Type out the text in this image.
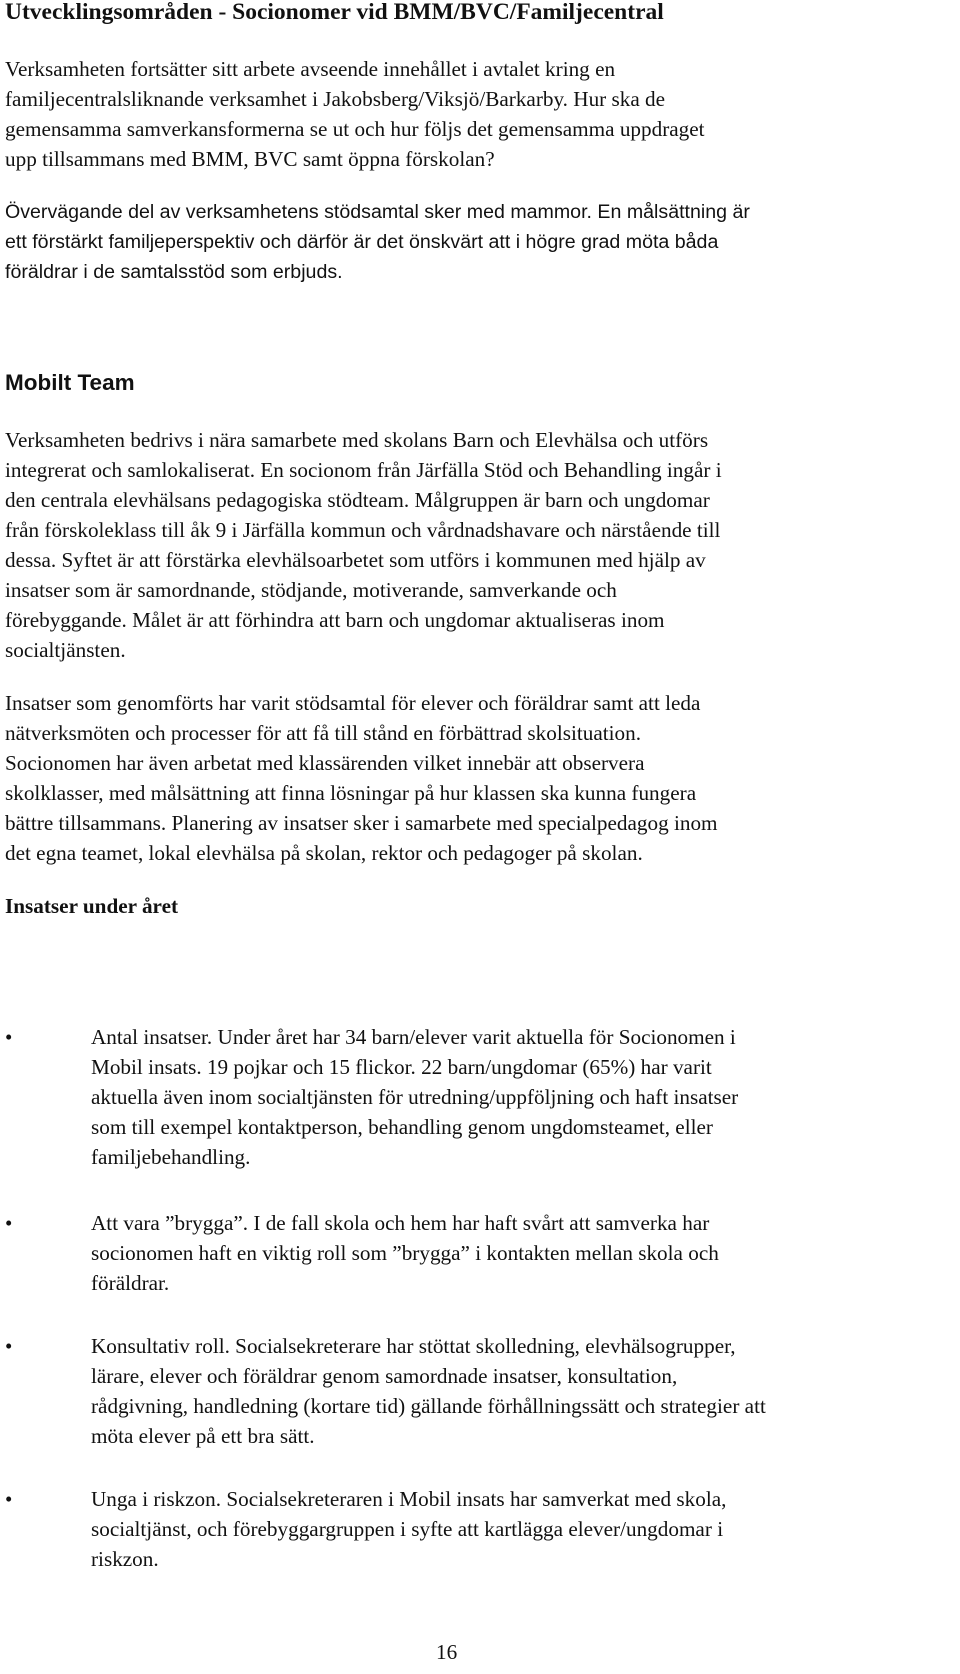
Utvecklingsområden - Socionomer vid BMM/BVC/Familjecentral

Verksamheten fortsätter sitt arbete avseende innehållet i avtalet kring en
familjecentralsliknande verksamhet i Jakobsberg/Viksjö/Barkarby. Hur ska de
gemensamma samverkansformerna se ut och hur följs det gemensamma uppdraget
upp tillsammans med BMM, BVC samt öppna förskolan?

Övervägande del av verksamhetens stödsamtal sker med mammor. En målsättning är
ett förstärkt familjeperspektiv och därför är det önskvärt att i högre grad möta båda
föräldrar i de samtalsstöd som erbjuds.

Mobilt Team

Verksamheten bedrivs i nära samarbete med skolans Barn och Elevhälsa och utförs
integrerat och samlokaliserat. En socionom från Järfälla Stöd och Behandling ingår i
den centrala elevhälsans pedagogiska stödteam. Målgruppen är barn och ungdomar
från förskoleklass till åk 9 i Järfälla kommun och vårdnadshavare och närstående till
dessa. Syftet är att förstärka elevhälsoarbetet som utförs i kommunen med hjälp av
insatser som är samordnande, stödjande, motiverande, samverkande och
förebyggande. Målet är att förhindra att barn och ungdomar aktualiseras inom
socialtjänsten.

Insatser som genomförts har varit stödsamtal för elever och föräldrar samt att leda
nätverksmöten och processer för att få till stånd en förbättrad skolsituation.
Socionomen har även arbetat med klassärenden vilket innebär att observera
skolklasser, med målsättning att finna lösningar på hur klassen ska kunna fungera
bättre tillsammans. Planering av insatser sker i samarbete med specialpedagog inom
det egna teamet, lokal elevhälsa på skolan, rektor och pedagoger på skolan.

Insatser under året
•	Antal insatser. Under året har 34 barn/elever varit aktuella för Socionomen i
Mobil insats. 19 pojkar och 15 flickor. 22 barn/ungdomar (65%) har varit
aktuella även inom socialtjänsten för utredning/uppföljning och haft insatser
som till exempel kontaktperson, behandling genom ungdomsteamet, eller
familjebehandling.
•	Att vara ”brygga”. I de fall skola och hem har haft svårt att samverka har
socionomen haft en viktig roll som ”brygga” i kontakten mellan skola och
föräldrar.
•	Konsultativ roll. Socialsekreterare har stöttat skolledning, elevhälsogrupper,
lärare, elever och föräldrar genom samordnade insatser, konsultation,
rådgivning, handledning (kortare tid) gällande förhållningssätt och strategier att
möta elever på ett bra sätt.
•	Unga i riskzon. Socialsekreteraren i Mobil insats har samverkat med skola,
socialtjänst, och förebyggargruppen i syfte att kartlägga elever/ungdomar i
riskzon.

16
